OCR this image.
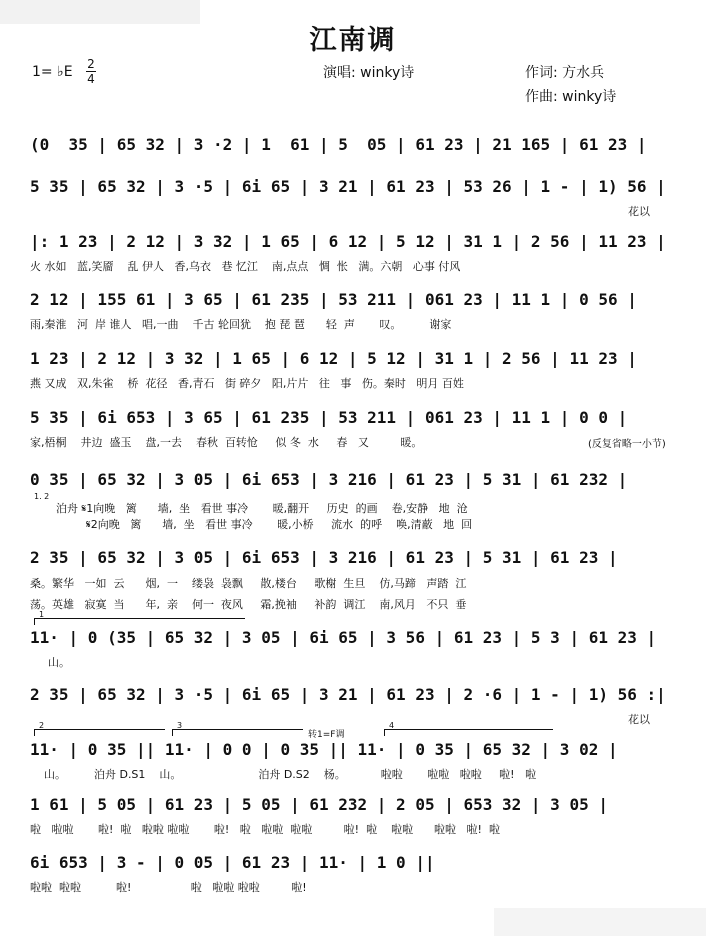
江南调
1= ♭E 2
4	演唱: winky诗	作词: 方水兵
作曲: winky诗
(0  35 | 65 32 | 3 ·2 | 1  61 | 5  05 | 61 23 | 21 165 | 61 23 |
5 35 | 65 32 | 3 ·5 | 6i 65 | 3 21 | 61 23 | 53 26 | 1 - | 1) 56 |
花以
|: 1 23 | 2 12 | 3 32 | 1 65 | 6 12 | 5 12 | 31 1 | 2 56 | 11 23 |
火 水如   蓝,笑靥    乱 伊人   香,乌衣   巷 忆江    南,点点   惆  怅   满。六朝   心事 付风
2 12 | 155 61 | 3 65 | 61 235 | 53 211 | 061 23 | 11 1 | 0 56 |
雨,秦淮   河  岸 谁人   唱,一曲    千古 轮回犹    抱 琵 琶      轻  声       叹。        谢家
1 23 | 2 12 | 3 32 | 1 65 | 6 12 | 5 12 | 31 1 | 2 56 | 11 23 |
燕 又成   双,朱雀    桥  花径   香,青石   街 碎夕   阳,片片   往   事   伤。秦时   明月 百姓
5 35 | 6i 653 | 3 65 | 61 235 | 53 211 | 061 23 | 11 1 | 0 0 |
家,梧桐    井边  盛玉    盘,一去    春秋  百转怆     似 冬  水     春   又         暖。	(反复省略一小节)
0 35 | 65 32 | 3 05 | 6i 653 | 3 216 | 61 23 | 5 31 | 61 232 |
1. 2
泊舟 𝄋1向晚   篱      墙,  坐   看世 事冷       暖,翻开     历史  的画    卷,安静   地  沧
𝄋2向晚   篱      墙,  坐   看世 事冷       暖,小桥     流水  的呼    唤,清蔽   地  回
2 35 | 65 32 | 3 05 | 6i 653 | 3 216 | 61 23 | 5 31 | 61 23 |
桑。繁华   一如  云      烟,  一    缕袅  袅飘     散,楼台     歌榭  生旦    仿,马蹄   声踏  江
荡。英雄   寂寞  当      年,  亲    何一  夜风     霜,挽袖     补韵  调江    南,风月   不只  垂
1
11· | 0 (35 | 65 32 | 3 05 | 6i 65 | 3 56 | 61 23 | 5 3 | 61 23 |
山。
2 35 | 65 32 | 3 ·5 | 6i 65 | 3 21 | 61 23 | 2 ·6 | 1 - | 1) 56 :|
花以
2	3	4
转1=F调
11· | 0 35 || 11· | 0 0 | 0 35 || 11· | 0 35 | 65 32 | 3 02 |
山。        泊舟 D.S1    山。                      泊舟 D.S2    杨。          啦啦       啦啦   啦啦     啦!   啦
1 61 | 5 05 | 61 23 | 5 05 | 61 232 | 2 05 | 653 32 | 3 05 |
啦   啦啦       啦!  啦   啦啦 啦啦       啦!   啦   啦啦  啦啦         啦!  啦    啦啦      啦啦   啦!  啦
6i 653 | 3 - | 0 05 | 61 23 | 11· | 1 0 ||
啦啦  啦啦          啦!                 啦   啦啦 啦啦         啦!
